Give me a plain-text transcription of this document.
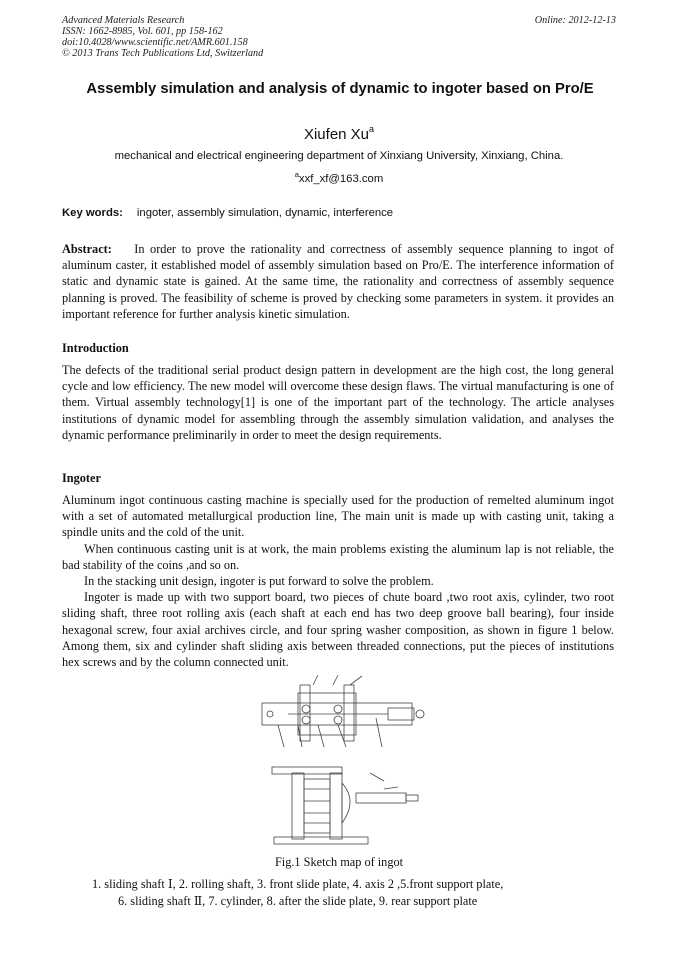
Advanced Materials Research
ISSN: 1662-8985, Vol. 601, pp 158-162
doi:10.4028/www.scientific.net/AMR.601.158
© 2013 Trans Tech Publications Ltd, Switzerland
Online: 2012-12-13
Assembly simulation and analysis of dynamic to ingoter based on Pro/E
Xiufen Xu$^a$
mechanical and electrical engineering department of Xinxiang University, Xinxiang, China.
$^a$xxf_xf@163.com
Key words: ingoter, assembly simulation, dynamic, interference
Abstract: In order to prove the rationality and correctness of assembly sequence planning to ingot of aluminum caster, it established model of assembly simulation based on Pro/E. The interference information of static and dynamic state is gained. At the same time, the rationality and correctness of assembly sequence planning is proved. The feasibility of scheme is proved by checking some parameters in system. it provides an important reference for further analysis kinetic simulation.
Introduction
The defects of the traditional serial product design pattern in development are the high cost, the long general cycle and low efficiency. The new model will overcome these design flaws. The virtual manufacturing is one of them. Virtual assembly technology[1] is one of the important part of the technology. The article analyses institutions of dynamic model for assembling through the assembly simulation validation, and analyses the dynamic performance preliminarily in order to meet the design requirements.
Ingoter
Aluminum ingot continuous casting machine is specially used for the production of remelted aluminum ingot with a set of automated metallurgical production line, The main unit is made up with casting unit, taking a spindle units and the cold of the unit.
When continuous casting unit is at work, the main problems existing the aluminum lap is not reliable, the bad stability of the coins ,and so on.
In the stacking unit design, ingoter is put forward to solve the problem.
Ingoter is made up with two support board, two pieces of chute board ,two root axis, cylinder, two root sliding shaft, three root rolling axis (each shaft at each end has two deep groove ball bearing), four inside hexagonal screw, four axial archives circle, and four spring washer composition, as shown in figure 1 below. Among them, six and cylinder shaft sliding axis between threaded connections, put the pieces of institutions hex screws and by the column connected unit.
Fig.1 Sketch map of ingot
1. sliding shaft Ⅰ, 2. rolling shaft, 3. front slide plate, 4. axis 2 ,5.front support plate,
6. sliding shaft Ⅱ, 7. cylinder, 8. after the slide plate, 9. rear support plate
